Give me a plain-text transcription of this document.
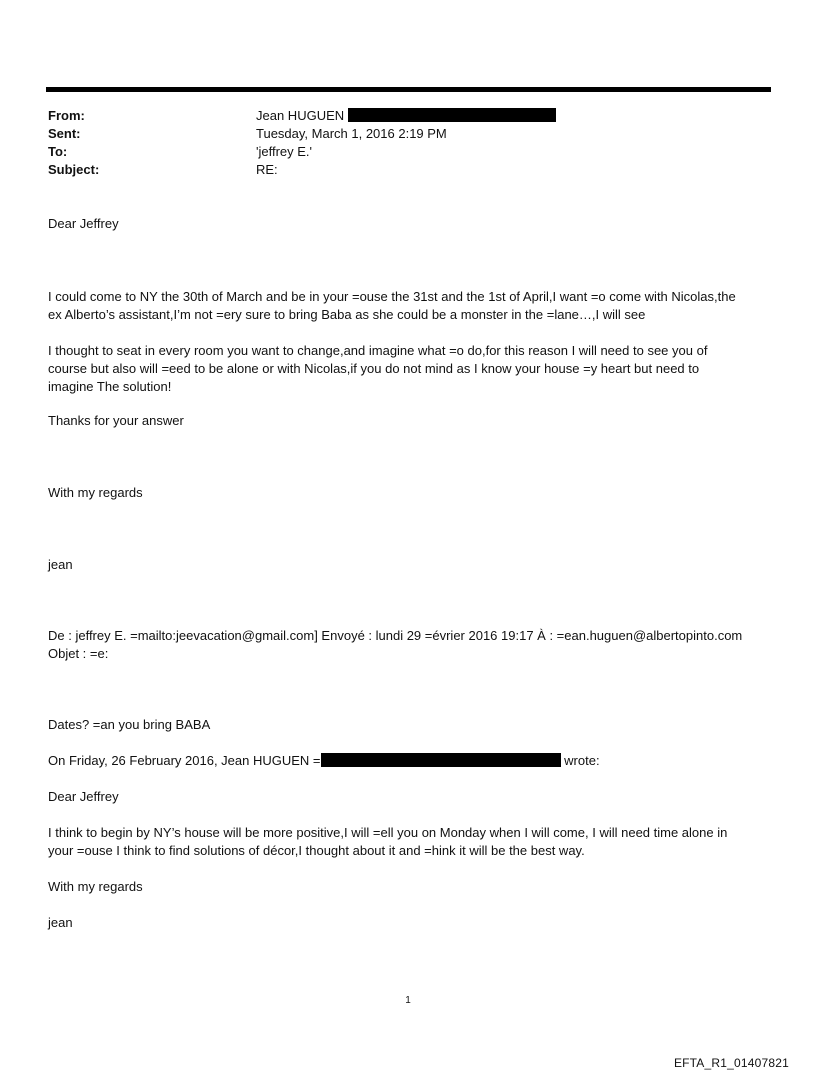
From:	Jean HUGUEN
Sent:	Tuesday, March 1, 2016 2:19 PM
To:	'jeffrey E.'
Subject:	RE:

Dear Jeffrey

I could come to NY the 30th of March and be in your =ouse the 31st and the 1st of April,I want =o come with Nicolas,the
ex Alberto’s assistant,I’m not =ery sure to bring Baba as she could be a monster in the =lane…,I will see
I thought to seat in every room you want to change,and imagine what =o do,for this reason I will need to see you of
course but also will =eed to be alone or with Nicolas,if you do not mind as I know your house =y heart but need to
imagine The solution!

Thanks for your answer

With my regards

jean

De : jeffrey E. =mailto:jeevacation@gmail.com] Envoyé : lundi 29 =évrier 2016 19:17 À : =ean.huguen@albertopinto.com
Objet : =e:

Dates? =an you bring BABA

On Friday, 26 February 2016, Jean HUGUEN =	wrote:

Dear Jeffrey

I think to begin by NY’s house will be more positive,I will =ell you on Monday when I will come, I will need time alone in
your =ouse I think to find solutions of décor,I thought about it and =hink it will be the best way.

With my regards

jean

1
EFTA_R1_01407821
